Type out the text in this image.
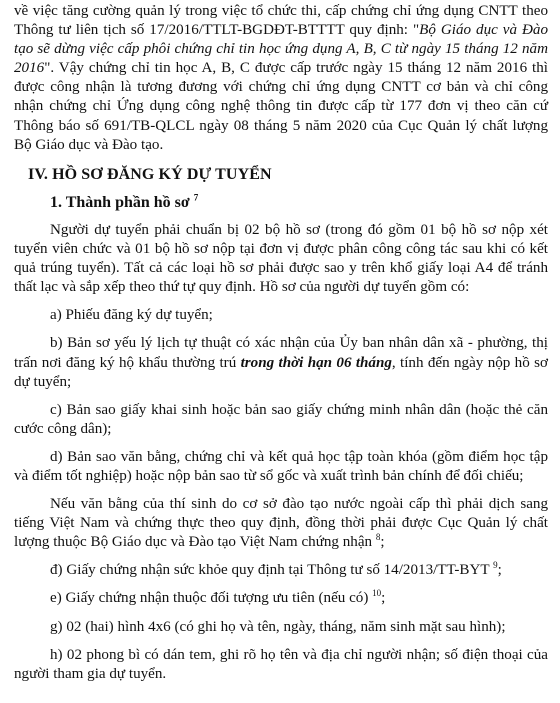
về việc tăng cường quản lý trong việc tổ chức thi, cấp chứng chỉ ứng dụng CNTT theo Thông tư liên tịch số 17/2016/TTLT-BGDĐT-BTTTT quy định: "Bộ Giáo dục và Đào tạo sẽ dừng việc cấp phôi chứng chỉ tin học ứng dụng A, B, C từ ngày 15 tháng 12 năm 2016". Vậy chứng chỉ tin học A, B, C được cấp trước ngày 15 tháng 12 năm 2016 thì được công nhận là tương đương với chứng chỉ ứng dụng CNTT cơ bản và chỉ công nhận chứng chỉ Ứng dụng công nghệ thông tin được cấp từ 177 đơn vị theo căn cứ Thông báo số 691/TB-QLCL ngày 08 tháng 5 năm 2020 của Cục Quản lý chất lượng Bộ Giáo dục và Đào tạo.

IV. HỒ SƠ ĐĂNG KÝ DỰ TUYỂN
1. Thành phần hồ sơ $^7$

Người dự tuyển phải chuẩn bị 02 bộ hồ sơ (trong đó gồm 01 bộ hồ sơ nộp xét tuyển viên chức và 01 bộ hồ sơ nộp tại đơn vị được phân công công tác sau khi có kết quả trúng tuyển). Tất cả các loại hồ sơ phải được sao y trên khổ giấy loại A4 để tránh thất lạc và sắp xếp theo thứ tự quy định. Hồ sơ của người dự tuyển gồm có:

a) Phiếu đăng ký dự tuyển;

b) Bản sơ yếu lý lịch tự thuật có xác nhận của Ủy ban nhân dân xã - phường, thị trấn nơi đăng ký hộ khẩu thường trú trong thời hạn 06 tháng, tính đến ngày nộp hồ sơ dự tuyển;

c) Bản sao giấy khai sinh hoặc bản sao giấy chứng minh nhân dân (hoặc thẻ căn cước công dân);

d) Bản sao văn bằng, chứng chỉ và kết quả học tập toàn khóa (gồm điểm học tập và điểm tốt nghiệp) hoặc nộp bản sao từ sổ gốc và xuất trình bản chính để đối chiếu;

Nếu văn bằng của thí sinh do cơ sở đào tạo nước ngoài cấp thì phải dịch sang tiếng Việt Nam và chứng thực theo quy định, đồng thời phải được Cục Quản lý chất lượng thuộc Bộ Giáo dục và Đào tạo Việt Nam chứng nhận $^8$;

đ) Giấy chứng nhận sức khỏe quy định tại Thông tư số 14/2013/TT-BYT $^9$;

e) Giấy chứng nhận thuộc đối tượng ưu tiên (nếu có) $^{10}$;

g) 02 (hai) hình 4x6 (có ghi họ và tên, ngày, tháng, năm sinh mặt sau hình);

h) 02 phong bì có dán tem, ghi rõ họ tên và địa chỉ người nhận; số điện thoại của người tham gia dự tuyển.
